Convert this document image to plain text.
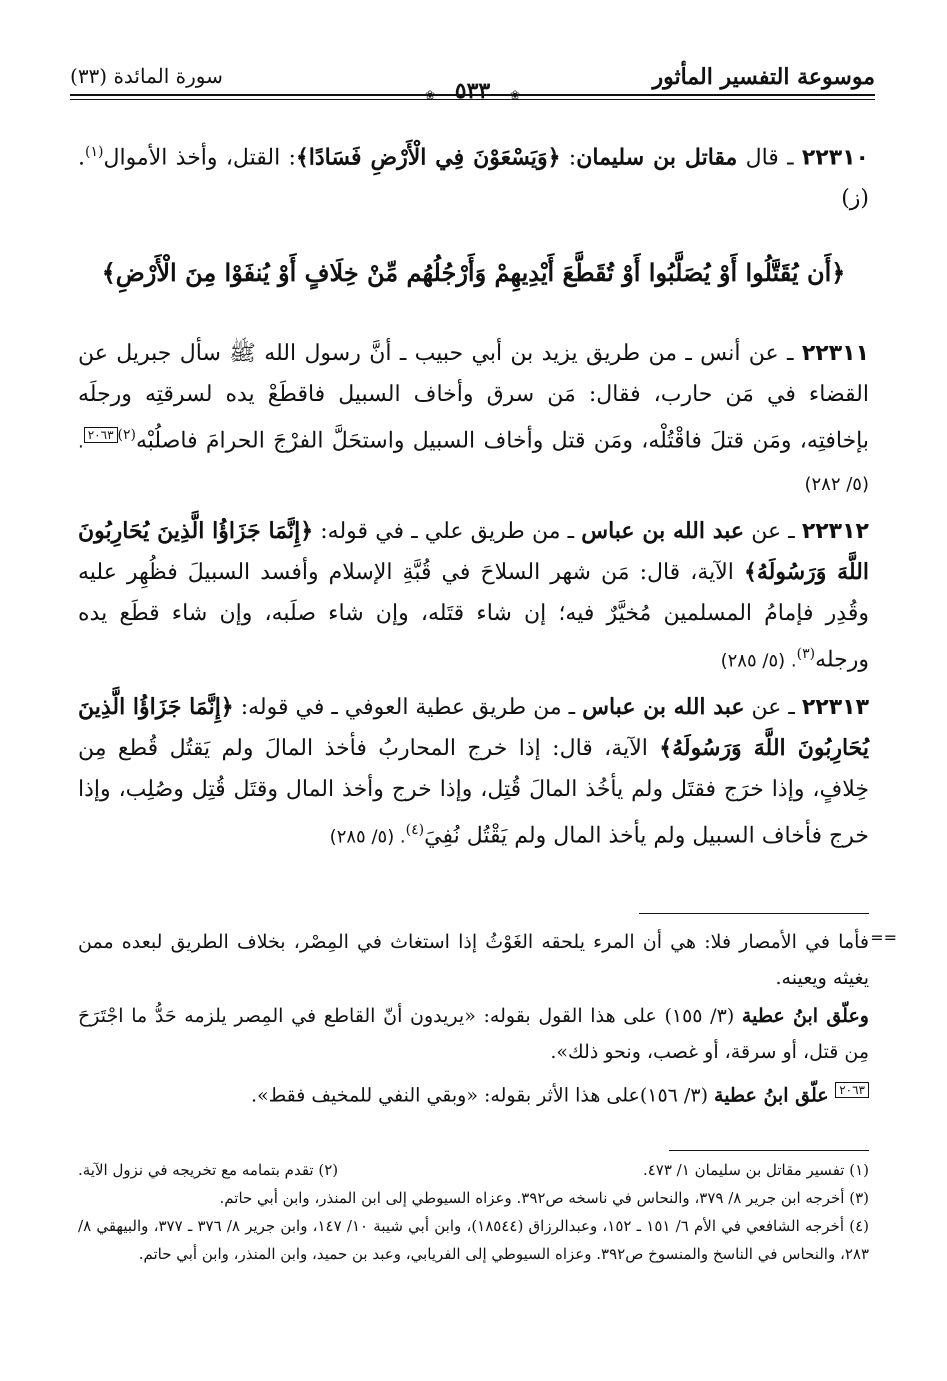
موسوعة التفسير المأثور
❀
٥٣٣
❀
سورة المائدة (٣٣)

٢٢٣١٠ ـ قال مقاتل بن سليمان: ﴿وَيَسْعَوْنَ فِي الْأَرْضِ فَسَادًا﴾: القتل، وأخذ الأموال$^{(١)}$. (ز)

﴿أَن يُقَتَّلُوا أَوْ يُصَلَّبُوا أَوْ تُقَطَّعَ أَيْدِيهِمْ وَأَرْجُلُهُم مِّنْ خِلَافٍ أَوْ يُنفَوْا مِنَ الْأَرْضِ﴾

٢٢٣١١ ـ عن أنس ـ من طريق يزيد بن أبي حبيب ـ أنَّ رسول الله ﷺ سأل جبريل عن القضاء في مَن حارب، فقال: مَن سرق وأخاف السبيل فاقطَعْ يده لسرقتِه ورجلَه بإخافتِه، ومَن قتلَ فاقْتُلْه، ومَن قتل وأخاف السبيل واستحَلَّ الفرْجَ الحرامَ فاصلُبْه$^{(٢)٢٠٦٣}$. (٥/ ٢٨٢)

٢٢٣١٢ ـ عن عبد الله بن عباس ـ من طريق علي ـ في قوله: ﴿إِنَّمَا جَزَاؤُا الَّذِينَ يُحَارِبُونَ اللَّهَ وَرَسُولَهُ﴾ الآية، قال: مَن شهر السلاحَ في قُبَّةِ الإسلام وأفسد السبيلَ فظُهِر عليه وقُدِر فإمامُ المسلمين مُخيَّرٌ فيه؛ إن شاء قتَله، وإن شاء صلَبه، وإن شاء قطَع يده ورجله$^{(٣)}$. (٥/ ٢٨٥)

٢٢٣١٣ ـ عن عبد الله بن عباس ـ من طريق عطية العوفي ـ في قوله: ﴿إِنَّمَا جَزَاؤُا الَّذِينَ يُحَارِبُونَ اللَّهَ وَرَسُولَهُ﴾ الآية، قال: إذا خرج المحاربُ فأخذ المالَ ولم يَقتُل قُطع مِن خِلافٍ، وإذا خرَج فقتَل ولم يأخُذ المالَ قُتِل، وإذا خرج وأخذ المال وقتَل قُتِل وصُلِب، وإذا خرج فأخاف السبيل ولم يأخذ المال ولم يَقْتُل نُفِيَ$^{(٤)}$. (٥/ ٢٨٥)

==

فأما في الأمصار فلا: هي أن المرء يلحقه الغَوْثُ إذا استغاث في المِصْر، بخلاف الطريق لبعده ممن يغيثه ويعينه.

وعلّق ابنُ عطية (٣/ ١٥٥) على هذا القول بقوله: «يريدون أنّ القاطع في المِصر يلزمه حَدُّ ما اجْتَرَحَ مِن قتل، أو سرقة، أو غصب، ونحو ذلك».

$^{٢٠٦٣}$ علّق ابنُ عطية (٣/ ١٥٦)على هذا الأثر بقوله: «وبقي النفي للمخيف فقط».

(١) تفسير مقاتل بن سليمان ١/ ٤٧٣.
(٢) تقدم بتمامه مع تخريجه في نزول الآية.

(٣) أخرجه ابن جرير ٨/ ٣٧٩، والنحاس في ناسخه ص٣٩٢. وعزاه السيوطي إلى ابن المنذر، وابن أبي حاتم.

(٤) أخرجه الشافعي في الأم ٦/ ١٥١ ـ ١٥٢، وعبدالرزاق (١٨٥٤٤)، وابن أبي شيبة ١٠/ ١٤٧، وابن جرير ٨/ ٣٧٦ ـ ٣٧٧، والبيهقي ٨/ ٢٨٣، والنحاس في الناسخ والمنسوخ ص٣٩٢. وعزاه السيوطي إلى الفريابي، وعبد بن حميد، وابن المنذر، وابن أبي حاتم.
